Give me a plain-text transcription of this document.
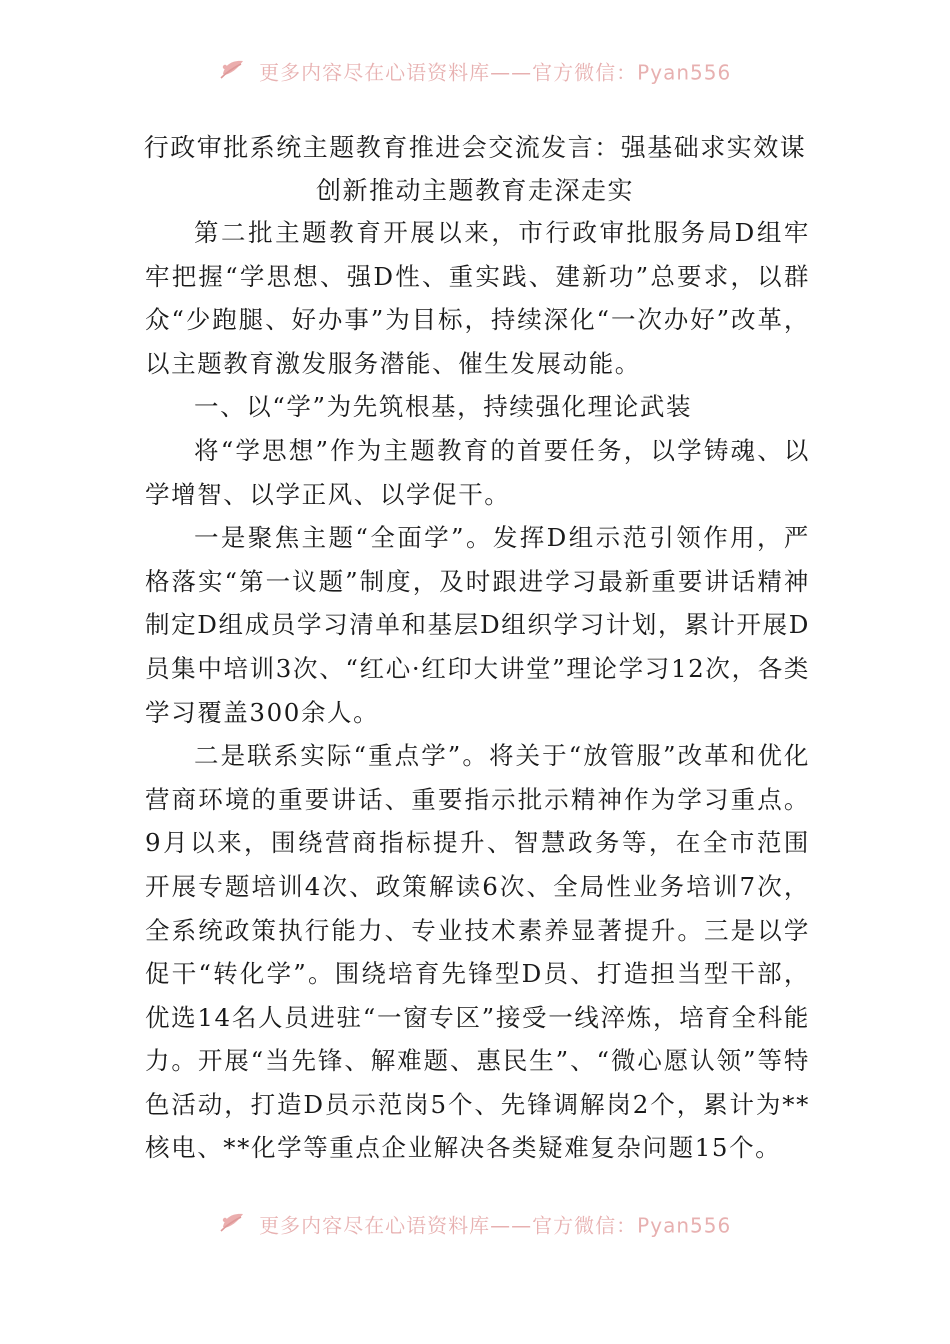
更多内容尽在心语资料库——官方微信：Pyan556
行政审批系统主题教育推进会交流发言：强基础求实效谋创新推动主题教育走深走实

第二批主题教育开展以来，市行政审批服务局D组牢牢把握“学思想、强D性、重实践、建新功”总要求，以群众“少跑腿、好办事”为目标，持续深化“一次办好”改革，以主题教育激发服务潜能、催生发展动能。

一、以“学”为先筑根基，持续强化理论武装

将“学思想”作为主题教育的首要任务，以学铸魂、以学增智、以学正风、以学促干。

一是聚焦主题“全面学”。发挥D组示范引领作用，严格落实“第一议题”制度，及时跟进学习最新重要讲话精神制定D组成员学习清单和基层D组织学习计划，累计开展D员集中培训3次、“红心·红印大讲堂”理论学习12次，各类学习覆盖300余人。

二是联系实际“重点学”。将关于“放管服”改革和优化营商环境的重要讲话、重要指示批示精神作为学习重点。9月以来，围绕营商指标提升、智慧政务等，在全市范围开展专题培训4次、政策解读6次、全局性业务培训7次，全系统政策执行能力、专业技术素养显著提升。三是以学促干“转化学”。围绕培育先锋型D员、打造担当型干部，优选14名人员进驻“一窗专区”接受一线淬炼，培育全科能力。开展“当先锋、解难题、惠民生”、“微心愿认领”等特色活动，打造D员示范岗5个、先锋调解岗2个，累计为**核电、**化学等重点企业解决各类疑难复杂问题15个。

更多内容尽在心语资料库——官方微信：Pyan556
